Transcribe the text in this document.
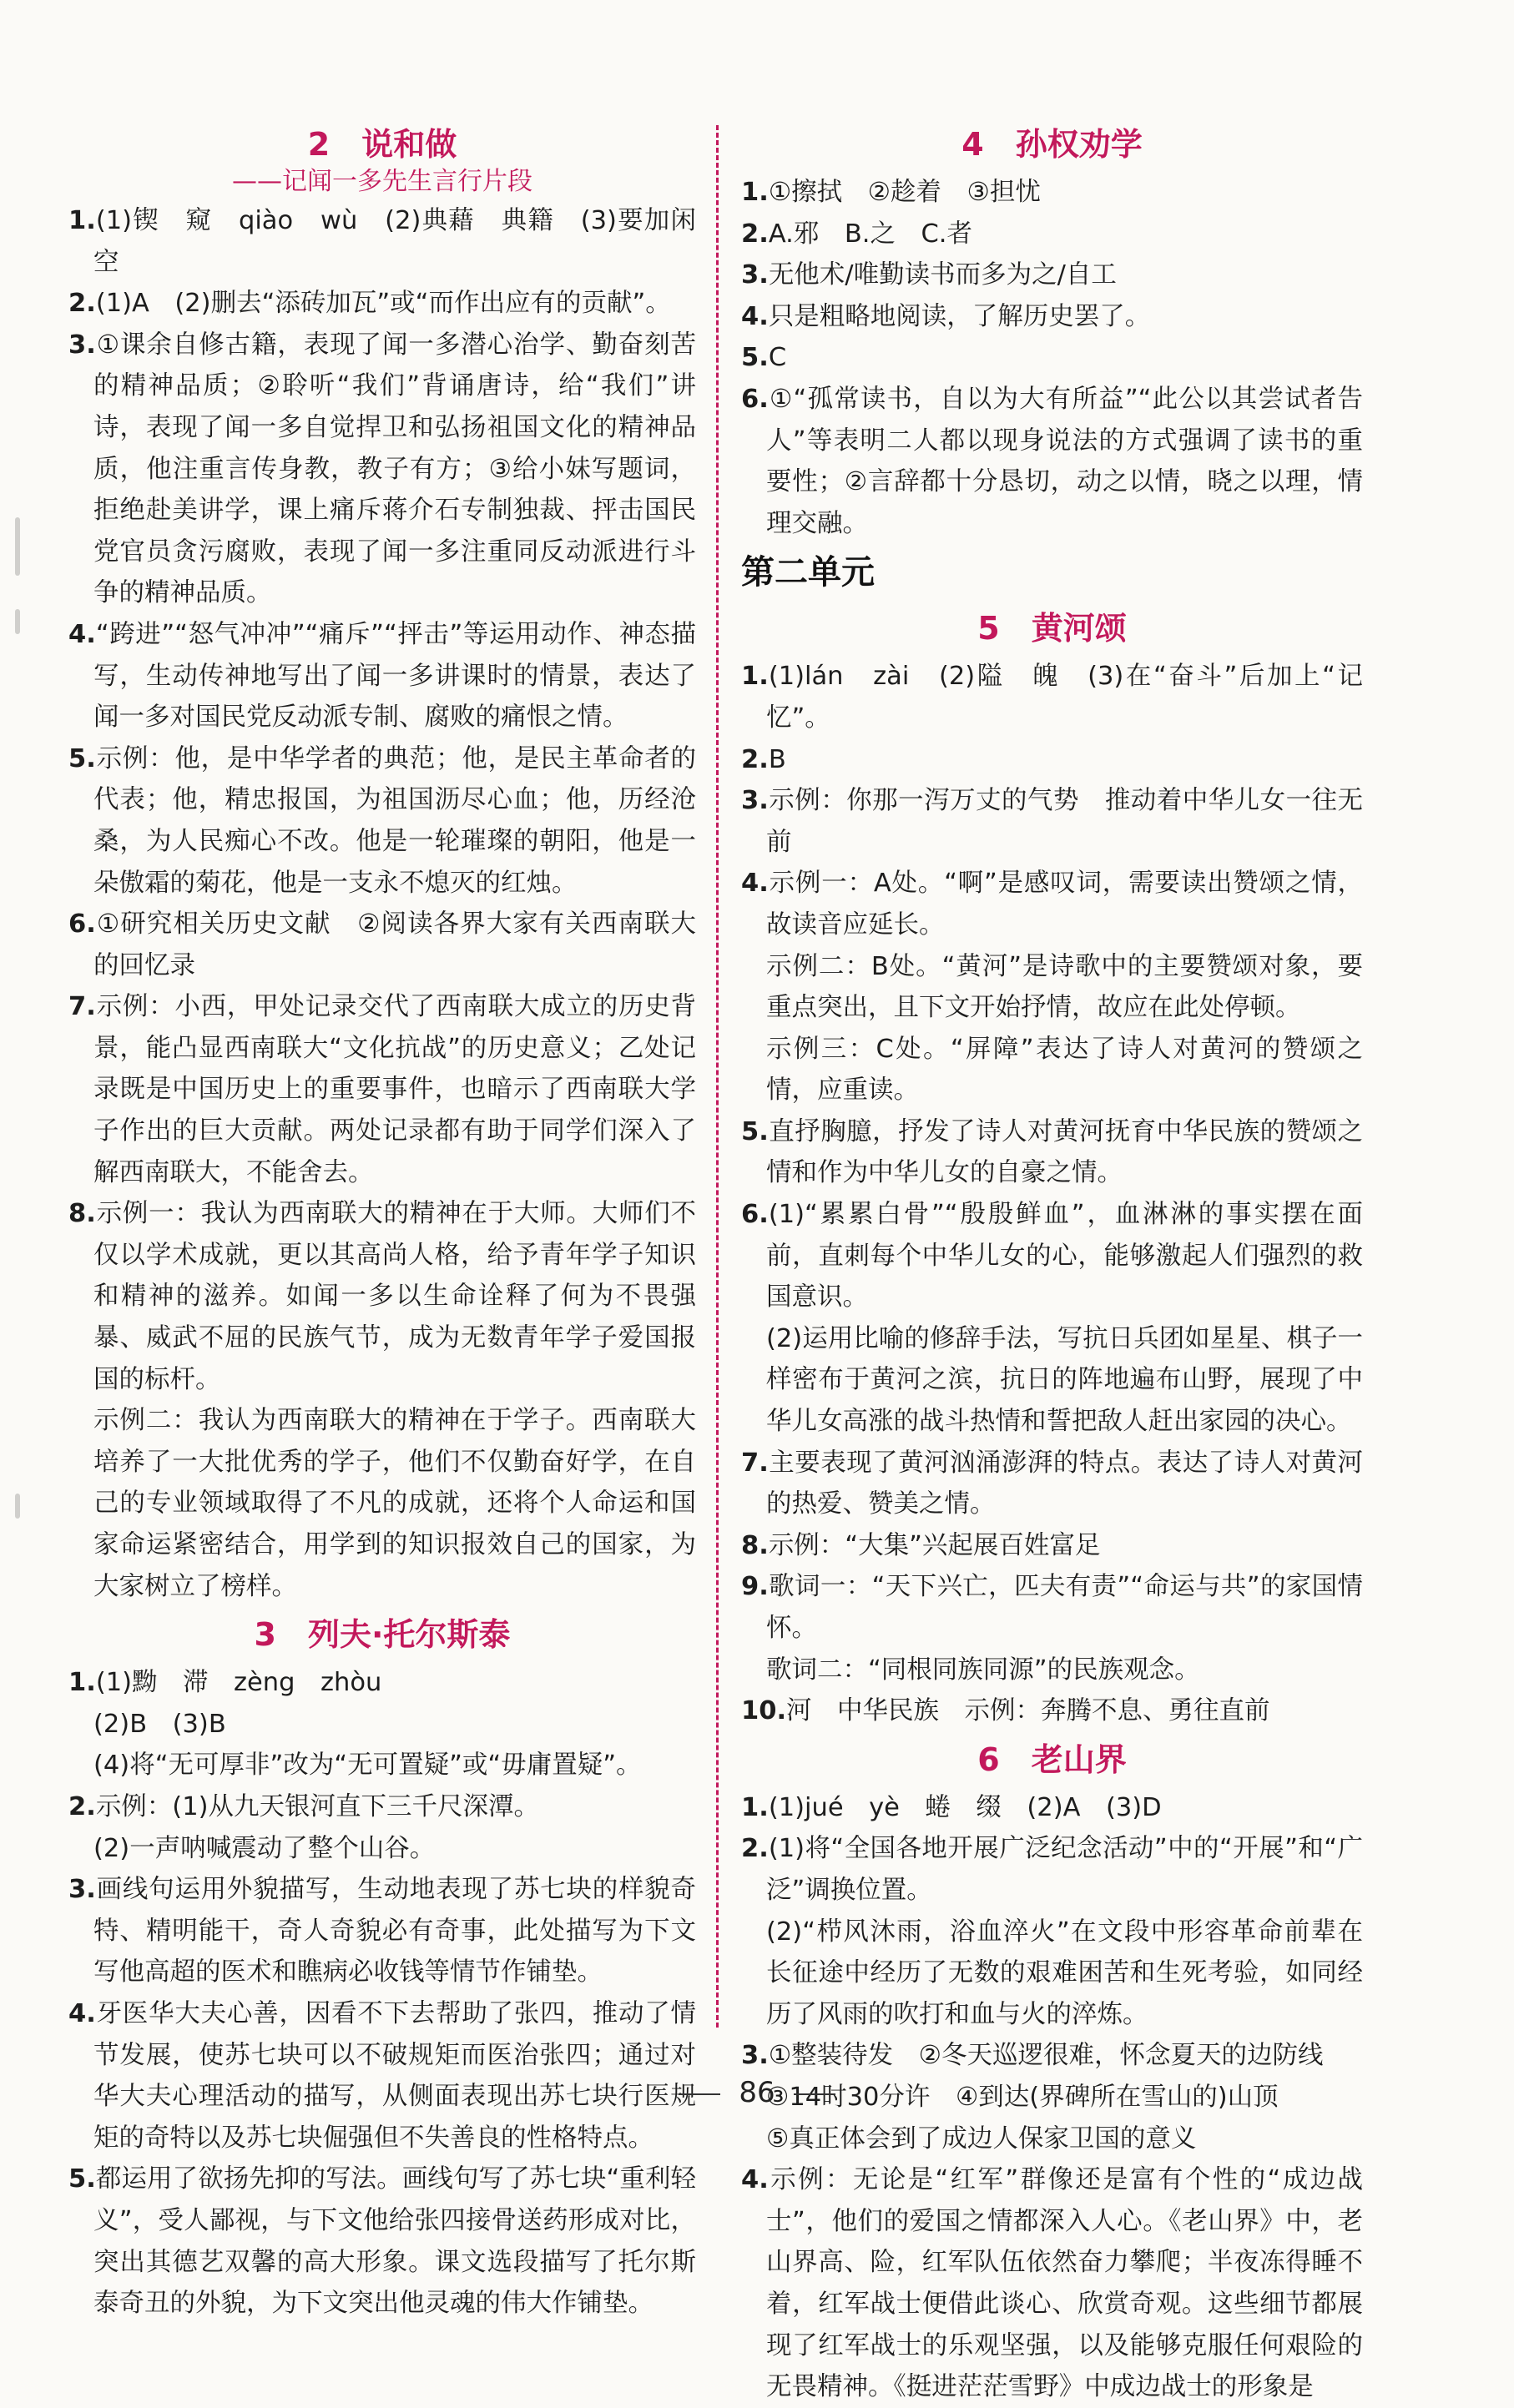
2 说和做
——记闻一多先生言行片段
1.(1)锲　窥　qiào　wù　(2)典藉　典籍　(3)要加闲空
2.(1)A　(2)删去“添砖加瓦”或“而作出应有的贡献”。
3.①课余自修古籍，表现了闻一多潜心治学、勤奋刻苦的精神品质；②聆听“我们”背诵唐诗，给“我们”讲诗，表现了闻一多自觉捍卫和弘扬祖国文化的精神品质，他注重言传身教，教子有方；③给小妹写题词，拒绝赴美讲学，课上痛斥蒋介石专制独裁、抨击国民党官员贪污腐败，表现了闻一多注重同反动派进行斗争的精神品质。
4.“跨进”“怒气冲冲”“痛斥”“抨击”等运用动作、神态描写，生动传神地写出了闻一多讲课时的情景，表达了闻一多对国民党反动派专制、腐败的痛恨之情。
5.示例：他，是中华学者的典范；他，是民主革命者的代表；他，精忠报国，为祖国沥尽心血；他，历经沧桑，为人民痴心不改。他是一轮璀璨的朝阳，他是一朵傲霜的菊花，他是一支永不熄灭的红烛。
6.①研究相关历史文献　②阅读各界大家有关西南联大的回忆录
7.示例：小西，甲处记录交代了西南联大成立的历史背景，能凸显西南联大“文化抗战”的历史意义；乙处记录既是中国历史上的重要事件，也暗示了西南联大学子作出的巨大贡献。两处记录都有助于同学们深入了解西南联大，不能舍去。
8.示例一：我认为西南联大的精神在于大师。大师们不仅以学术成就，更以其高尚人格，给予青年学子知识和精神的滋养。如闻一多以生命诠释了何为不畏强暴、威武不屈的民族气节，成为无数青年学子爱国报国的标杆。
示例二：我认为西南联大的精神在于学子。西南联大培养了一大批优秀的学子，他们不仅勤奋好学，在自己的专业领域取得了不凡的成就，还将个人命运和国家命运紧密结合，用学到的知识报效自己的国家，为大家树立了榜样。
3 列夫·托尔斯泰
1.(1)黝　滞　zèng　zhòu
(2)B　(3)B
(4)将“无可厚非”改为“无可置疑”或“毋庸置疑”。
2.示例：(1)从九天银河直下三千尺深潭。
(2)一声呐喊震动了整个山谷。
3.画线句运用外貌描写，生动地表现了苏七块的样貌奇特、精明能干，奇人奇貌必有奇事，此处描写为下文写他高超的医术和瞧病必收钱等情节作铺垫。
4.牙医华大夫心善，因看不下去帮助了张四，推动了情节发展，使苏七块可以不破规矩而医治张四；通过对华大夫心理活动的描写，从侧面表现出苏七块行医规矩的奇特以及苏七块倔强但不失善良的性格特点。
5.都运用了欲扬先抑的写法。画线句写了苏七块“重利轻义”，受人鄙视，与下文他给张四接骨送药形成对比，突出其德艺双馨的高大形象。课文选段描写了托尔斯泰奇丑的外貌，为下文突出他灵魂的伟大作铺垫。
4 孙权劝学
1.①擦拭　②趁着　③担忧
2.A.邪　B.之　C.者
3.无他术/唯勤读书而多为之/自工
4.只是粗略地阅读，了解历史罢了。
5.C
6.①“孤常读书，自以为大有所益”“此公以其尝试者告人”等表明二人都以现身说法的方式强调了读书的重要性；②言辞都十分恳切，动之以情，晓之以理，情理交融。
第二单元
5 黄河颂
1.(1)lán　zài　(2)隘　魄　(3)在“奋斗”后加上“记忆”。
2.B
3.示例：你那一泻万丈的气势　推动着中华儿女一往无前
4.示例一：A处。“啊”是感叹词，需要读出赞颂之情，故读音应延长。
示例二：B处。“黄河”是诗歌中的主要赞颂对象，要重点突出，且下文开始抒情，故应在此处停顿。
示例三：C处。“屏障”表达了诗人对黄河的赞颂之情，应重读。
5.直抒胸臆，抒发了诗人对黄河抚育中华民族的赞颂之情和作为中华儿女的自豪之情。
6.(1)“累累白骨”“殷殷鲜血”，血淋淋的事实摆在面前，直刺每个中华儿女的心，能够激起人们强烈的救国意识。
(2)运用比喻的修辞手法，写抗日兵团如星星、棋子一样密布于黄河之滨，抗日的阵地遍布山野，展现了中华儿女高涨的战斗热情和誓把敌人赶出家园的决心。
7.主要表现了黄河汹涌澎湃的特点。表达了诗人对黄河的热爱、赞美之情。
8.示例：“大集”兴起展百姓富足
9.歌词一：“天下兴亡，匹夫有责”“命运与共”的家国情怀。
歌词二：“同根同族同源”的民族观念。
10.河　中华民族　示例：奔腾不息、勇往直前
6 老山界
1.(1)jué　yè　蜷　缀　(2)A　(3)D
2.(1)将“全国各地开展广泛纪念活动”中的“开展”和“广泛”调换位置。
(2)“栉风沐雨，浴血淬火”在文段中形容革命前辈在长征途中经历了无数的艰难困苦和生死考验，如同经历了风雨的吹打和血与火的淬炼。
3.①整装待发　②冬天巡逻很难，怀念夏天的边防线
③14时30分许　④到达(界碑所在雪山的)山顶
⑤真正体会到了成边人保家卫国的意义
4.示例：无论是“红军”群像还是富有个性的“成边战士”，他们的爱国之情都深入人心。《老山界》中，老山界高、险，红军队伍依然奋力攀爬；半夜冻得睡不着，红军战士便借此谈心、欣赏奇观。这些细节都展现了红军战士的乐观坚强，以及能够克服任何艰险的无畏精神。《挺进茫茫雪野》中成边战士的形象是
86
